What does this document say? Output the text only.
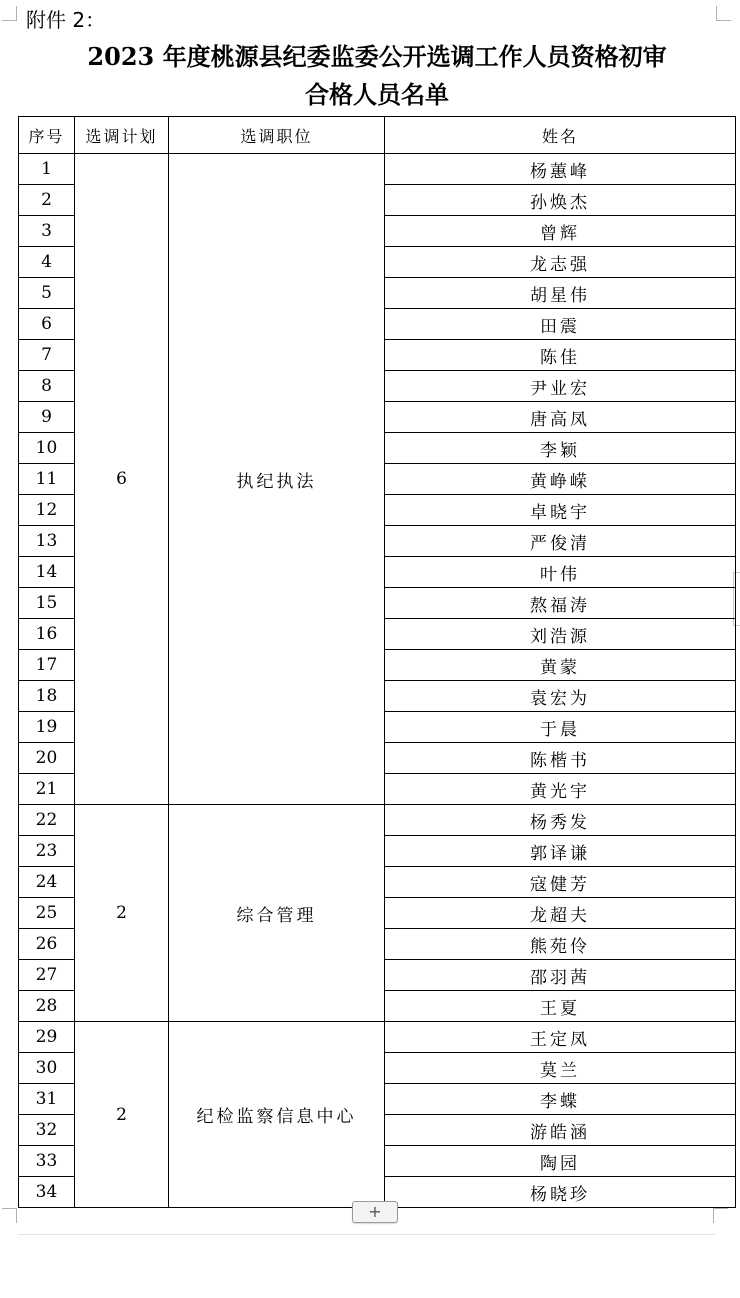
附件 2：
2023 年度桃源县纪委监委公开选调工作人员资格初审
合格人员名单
序号	选调计划	选调职位	姓名
1	6	执纪执法	杨蕙峰
2			孙焕杰
3			曾辉
4			龙志强
5			胡星伟
6			田震
7			陈佳
8			尹业宏
9			唐高凤
10			李颖
11			黄峥嵘
12			卓晓宇
13			严俊清
14			叶伟
15			熬福涛
16			刘浩源
17			黄蒙
18			袁宏为
19			于晨
20			陈楷书
21			黄光宇
22	2	综合管理	杨秀发
23			郭译谦
24			寇健芳
25			龙超夫
26			熊苑伶
27			邵羽茜
28			王夏
29	2	纪检监察信息中心	王定凤
30			莫兰
31			李蝶
32			游皓涵
33			陶园
34			杨晓珍
+
